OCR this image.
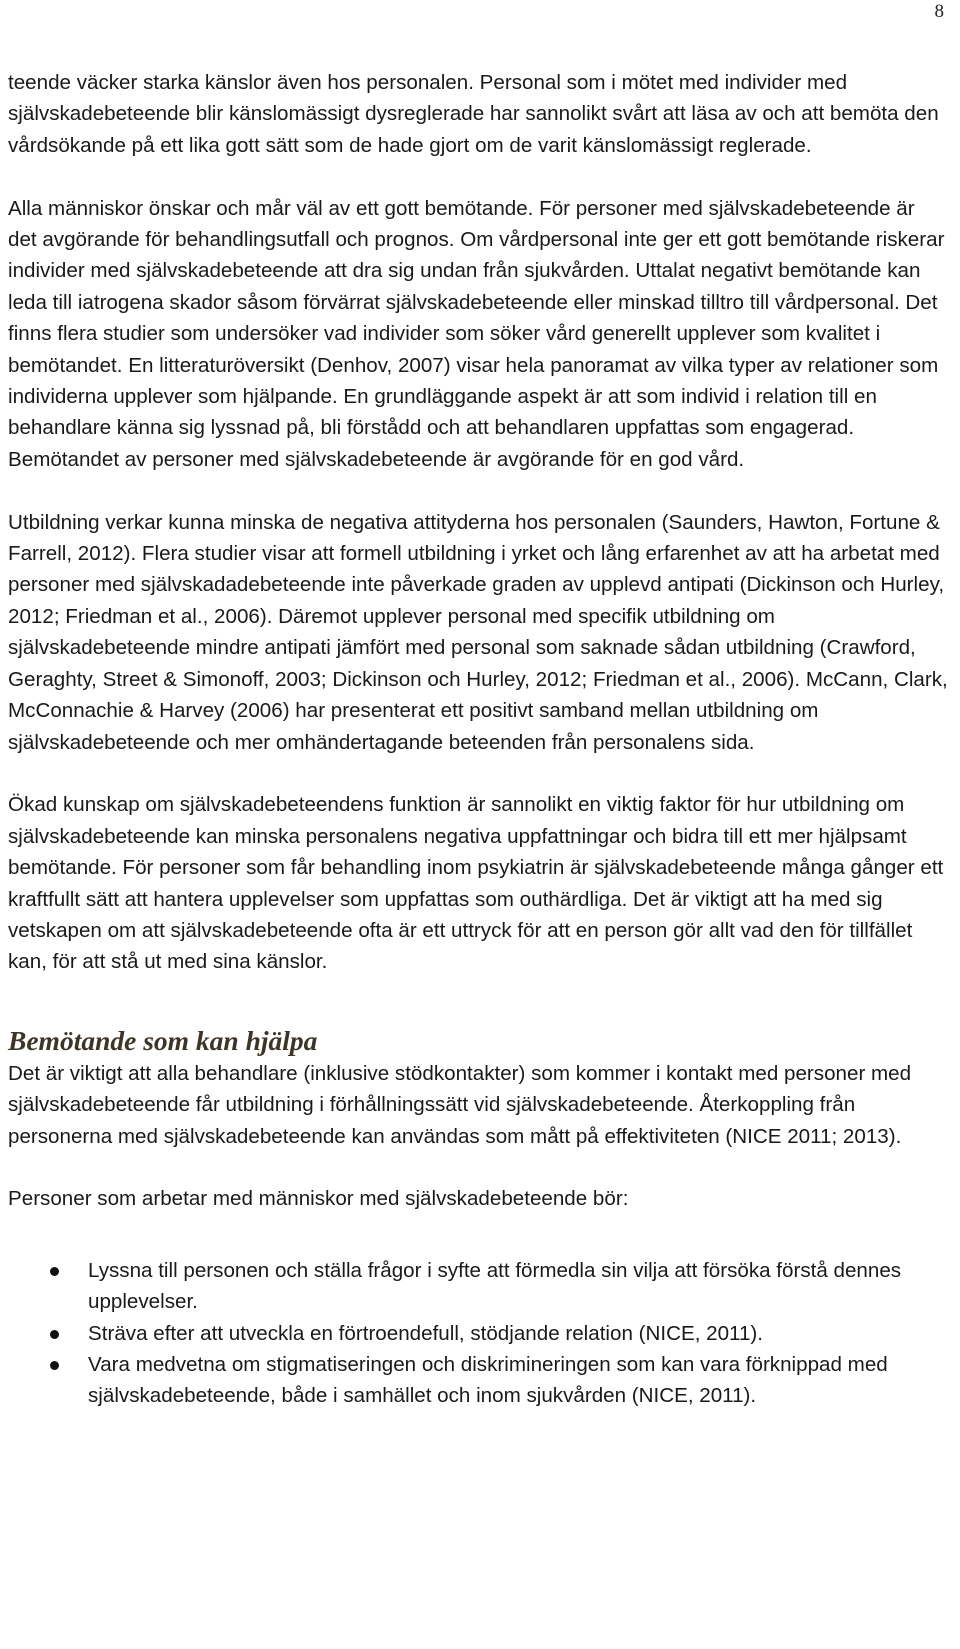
8

teende väcker starka känslor även hos personalen. Personal som i mötet med individer med självskadebeteende blir känslomässigt dysreglerade har sannolikt svårt att läsa av och att bemöta den vårdsökande på ett lika gott sätt som de hade gjort om de varit känslomässigt reglerade.

Alla människor önskar och mår väl av ett gott bemötande. För personer med självskadebeteende är det avgörande för behandlingsutfall och prognos. Om vårdpersonal inte ger ett gott bemötande riskerar individer med självskadebeteende att dra sig undan från sjukvården. Uttalat negativt bemötande kan leda till iatrogena skador såsom förvärrat självskadebeteende eller minskad tilltro till vårdpersonal. Det finns flera studier som undersöker vad individer som söker vård generellt upplever som kvalitet i bemötandet. En litteraturöversikt (Denhov, 2007) visar hela panoramat av vilka typer av relationer som individerna upplever som hjälpande. En grundläggande aspekt är att som individ i relation till en behandlare känna sig lyssnad på, bli förstådd och att behandlaren uppfattas som engagerad. Bemötandet av personer med självskadebeteende är avgörande för en god vård.

Utbildning verkar kunna minska de negativa attityderna hos personalen (Saunders, Hawton, Fortune & Farrell, 2012). Flera studier visar att formell utbildning i yrket och lång erfarenhet av att ha arbetat med personer med självskadadebeteende inte påverkade graden av upplevd antipati (Dickinson och Hurley, 2012; Friedman et al., 2006). Däremot upplever personal med specifik utbildning om självskadebeteende mindre antipati jämfört med personal som saknade sådan utbildning (Crawford, Geraghty, Street & Simonoff, 2003; Dickinson och Hurley, 2012; Friedman et al., 2006). McCann, Clark, McConnachie & Harvey (2006) har presenterat ett positivt samband mellan utbildning om självskadebeteende och mer omhändertagande beteenden från personalens sida.

Ökad kunskap om självskadebeteendens funktion är sannolikt en viktig faktor för hur utbildning om självskadebeteende kan minska personalens negativa uppfattningar och bidra till ett mer hjälpsamt bemötande. För personer som får behandling inom psykiatrin är självskadebeteende många gånger ett kraftfullt sätt att hantera upplevelser som uppfattas som outhärdliga. Det är viktigt att ha med sig vetskapen om att självskadebeteende ofta är ett uttryck för att en person gör allt vad den för tillfället kan, för att stå ut med sina känslor.

Bemötande som kan hjälpa

Det är viktigt att alla behandlare (inklusive stödkontakter) som kommer i kontakt med personer med självskadebeteende får utbildning i förhållningssätt vid självskadebeteende. Återkoppling från personerna med självskadebeteende kan användas som mått på effektiviteten (NICE 2011; 2013).

Personer som arbetar med människor med självskadebeteende bör:

Lyssna till personen och ställa frågor i syfte att förmedla sin vilja att försöka förstå dennes upplevelser.
Sträva efter att utveckla en förtroendefull, stödjande relation (NICE, 2011).
Vara medvetna om stigmatiseringen och diskrimineringen som kan vara förknippad med självskadebeteende, både i samhället och inom sjukvården (NICE, 2011).
